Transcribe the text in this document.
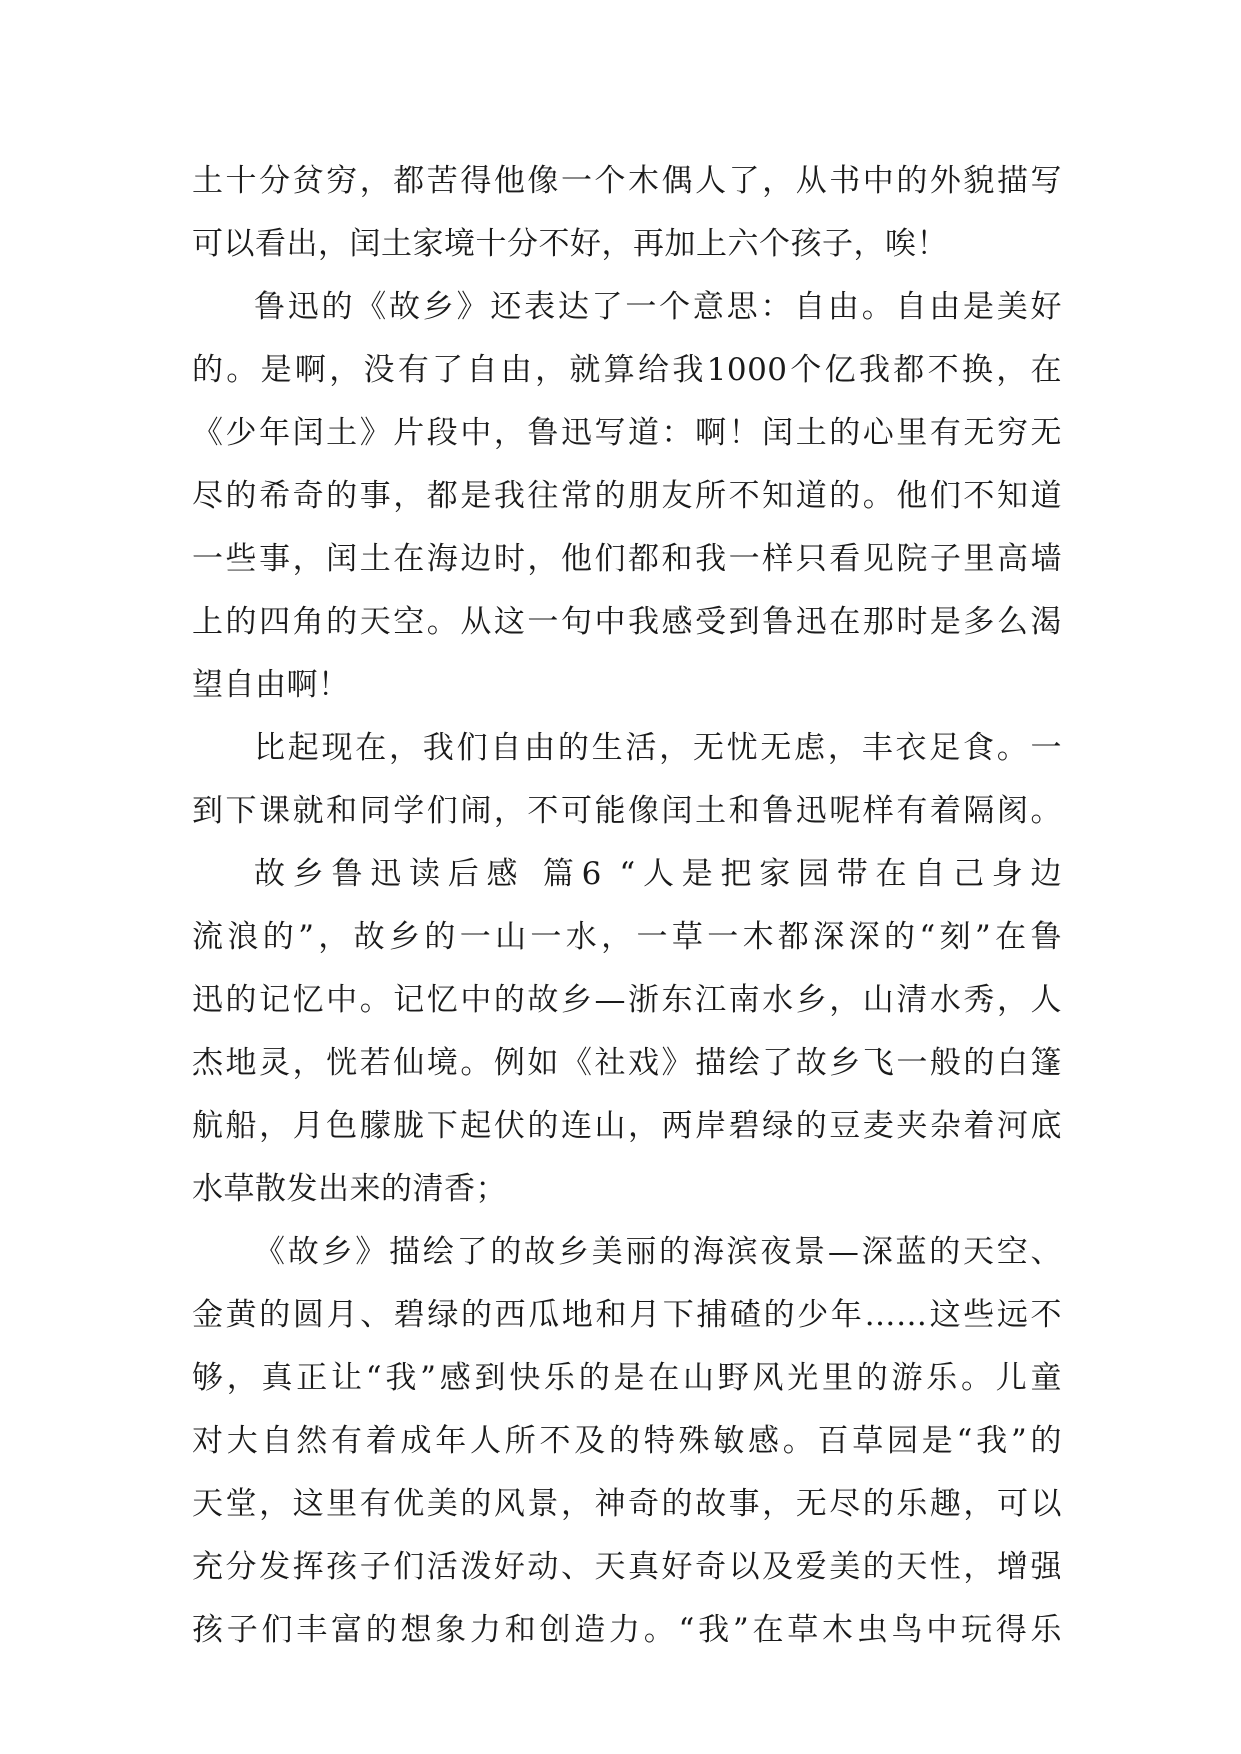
土十分贫穷，都苦得他像一个木偶人了，从书中的外貌描写
可以看出，闰土家境十分不好，再加上六个孩子，唉！
鲁迅的《故乡》还表达了一个意思：自由。自由是美好
的。是啊，没有了自由，就算给我1000个亿我都不换，在
《少年闰土》片段中，鲁迅写道：啊！闰土的心里有无穷无
尽的希奇的事，都是我往常的朋友所不知道的。他们不知道
一些事，闰土在海边时，他们都和我一样只看见院子里高墙
上的四角的天空。从这一句中我感受到鲁迅在那时是多么渴
望自由啊！
比起现在，我们自由的生活，无忧无虑，丰衣足食。一
到下课就和同学们闹，不可能像闰土和鲁迅呢样有着隔阂。
故乡鲁迅读后感 篇6 “人是把家园带在自己身边
流浪的”，故乡的一山一水，一草一木都深深的“刻”在鲁
迅的记忆中。记忆中的故乡—浙东江南水乡，山清水秀，人
杰地灵，恍若仙境。例如《社戏》描绘了故乡飞一般的白篷
航船，月色朦胧下起伏的连山，两岸碧绿的豆麦夹杂着河底
水草散发出来的清香；
《故乡》描绘了的故乡美丽的海滨夜景—深蓝的天空、
金黄的圆月、碧绿的西瓜地和月下捕碴的少年……这些远不
够，真正让“我”感到快乐的是在山野风光里的游乐。儿童
对大自然有着成年人所不及的特殊敏感。百草园是“我”的
天堂，这里有优美的风景，神奇的故事，无尽的乐趣，可以
充分发挥孩子们活泼好动、天真好奇以及爱美的天性，增强
孩子们丰富的想象力和创造力。“我”在草木虫鸟中玩得乐
